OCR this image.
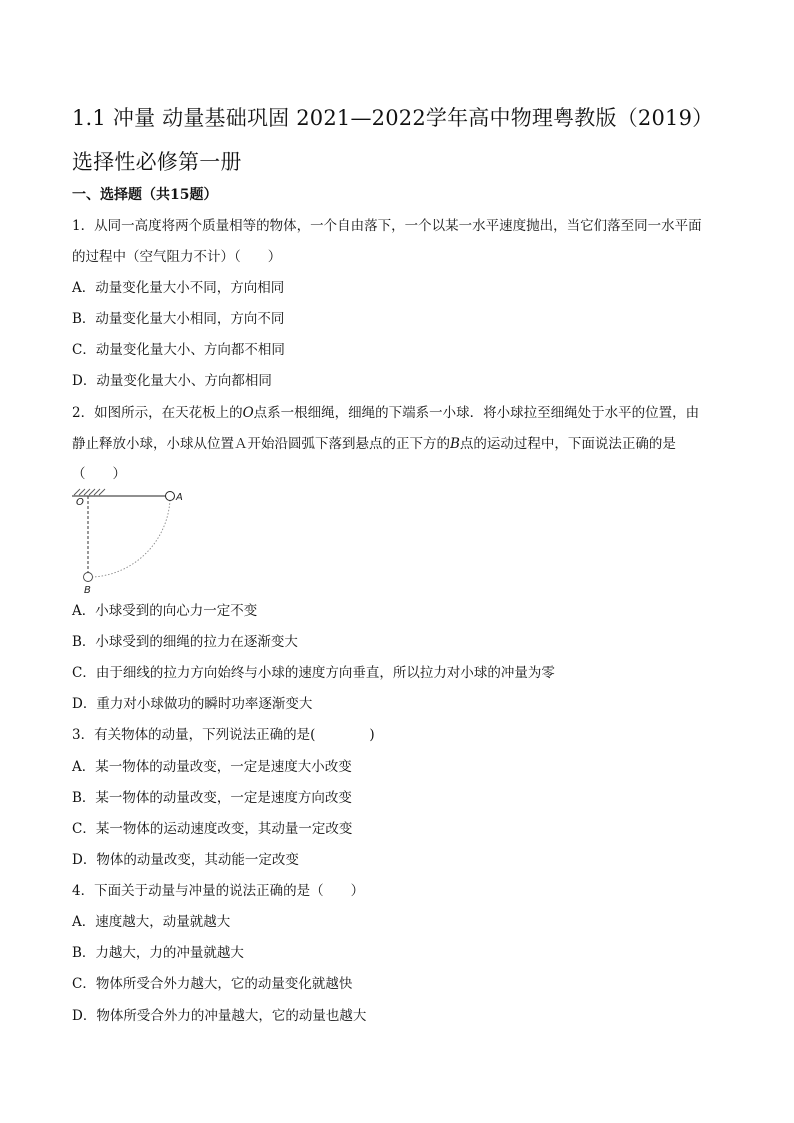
1.1 冲量 动量基础巩固 2021—2022学年高中物理粤教版（2019）选择性必修第一册
一、选择题（共15题）
1．从同一高度将两个质量相等的物体，一个自由落下，一个以某一水平速度抛出，当它们落至同一水平面
的过程中（空气阻力不计）（　　）
A．动量变化量大小不同，方向相同
B．动量变化量大小相同，方向不同
C．动量变化量大小、方向都不相同
D．动量变化量大小、方向都相同
2．如图所示，在天花板上的O点系一根细绳，细绳的下端系一小球．将小球拉至细绳处于水平的位置，由
静止释放小球，小球从位置Ａ开始沿圆弧下落到悬点的正下方的B点的运动过程中，下面说法正确的是
（　　）
O	A
B
A．小球受到的向心力一定不变
B．小球受到的细绳的拉力在逐渐变大
C．由于细线的拉力方向始终与小球的速度方向垂直，所以拉力对小球的冲量为零
D．重力对小球做功的瞬时功率逐渐变大
3．有关物体的动量，下列说法正确的是(　　　　)
A．某一物体的动量改变，一定是速度大小改变
B．某一物体的动量改变，一定是速度方向改变
C．某一物体的运动速度改变，其动量一定改变
D．物体的动量改变，其动能一定改变
4．下面关于动量与冲量的说法正确的是（　　）
A．速度越大，动量就越大
B．力越大，力的冲量就越大
C．物体所受合外力越大，它的动量变化就越快
D．物体所受合外力的冲量越大，它的动量也越大
